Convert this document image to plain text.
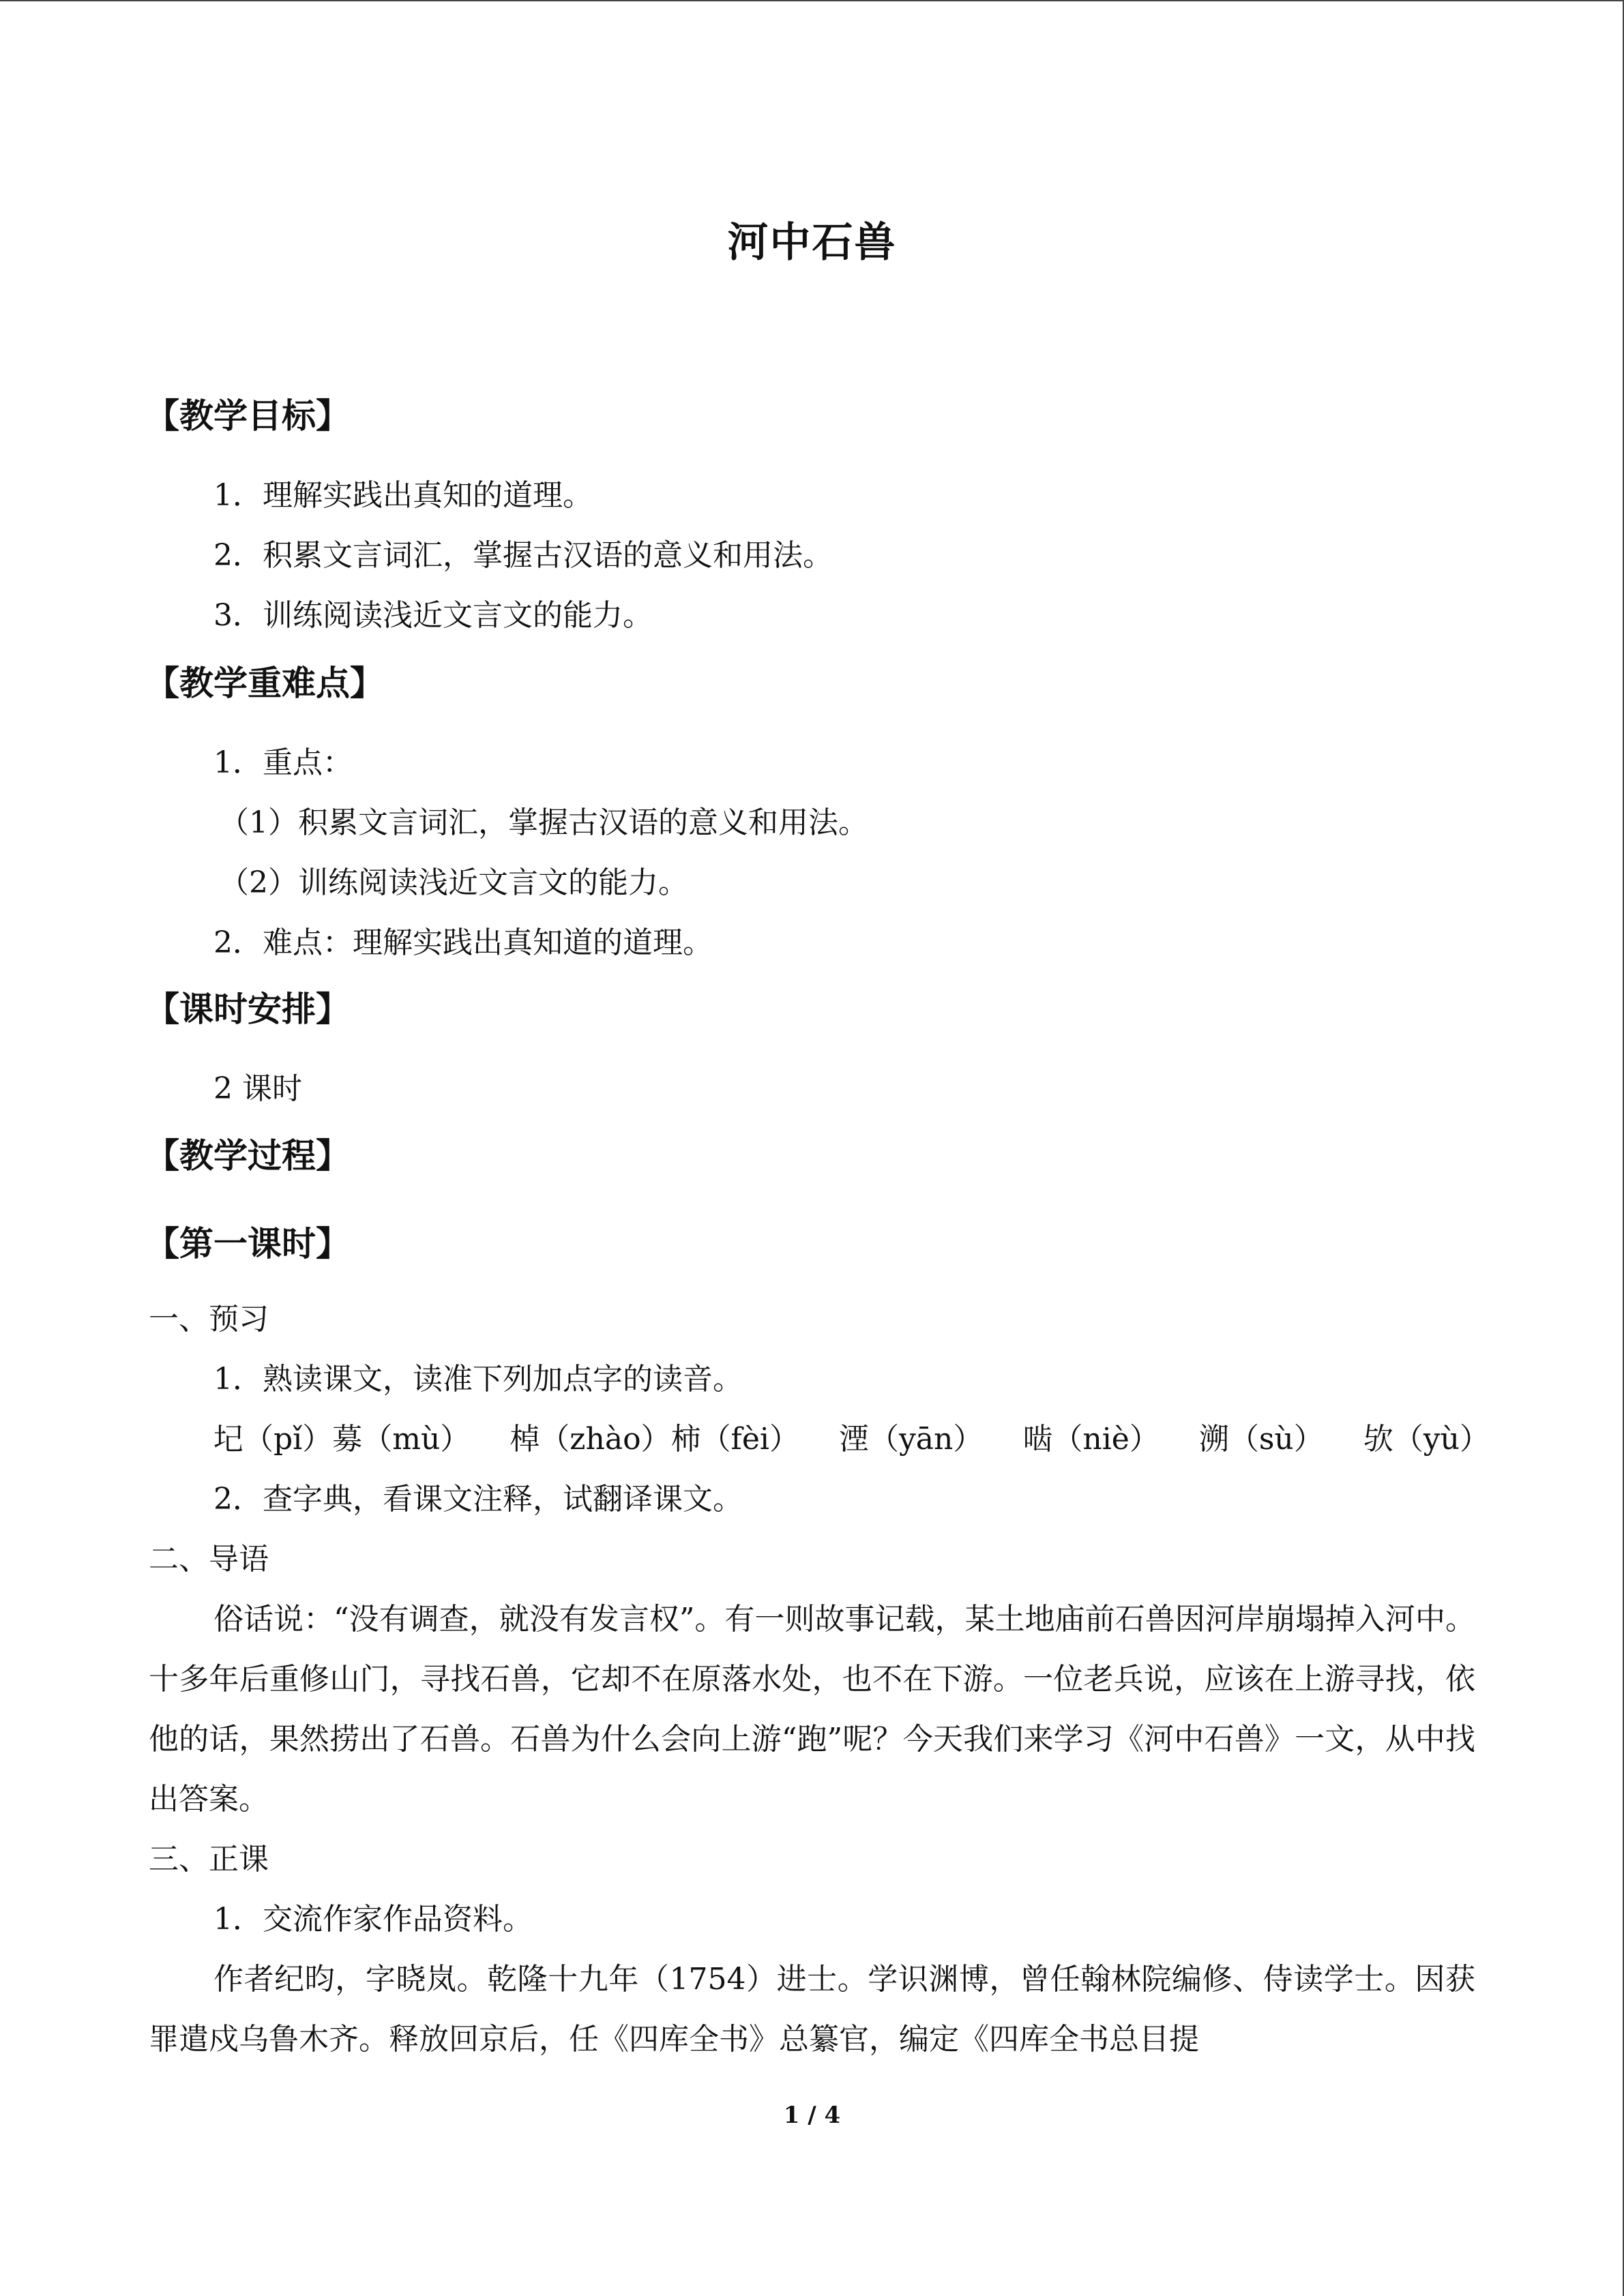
河中石兽
【教学目标】
1．理解实践出真知的道理。
2．积累文言词汇，掌握古汉语的意义和用法。
3．训练阅读浅近文言文的能力。
【教学重难点】
1．重点：
（1）积累文言词汇，掌握古汉语的意义和用法。
（2）训练阅读浅近文言文的能力。
2．难点：理解实践出真知道的道理。
【课时安排】
2 课时
【教学过程】
【第一课时】
一、预习
1．熟读课文，读准下列加点字的读音。
圮（pǐ）募（mù） 棹（zhào）柿（fèi） 湮（yān） 啮（niè） 溯（sù） 欤（yù）
2．查字典，看课文注释，试翻译课文。
二、导语
俗话说：“没有调查，就没有发言权”。有一则故事记载，某土地庙前石兽因河岸崩塌掉入河中。十多年后重修山门，寻找石兽，它却不在原落水处，也不在下游。一位老兵说，应该在上游寻找，依他的话，果然捞出了石兽。石兽为什么会向上游“跑”呢？今天我们来学习《河中石兽》一文，从中找出答案。
三、正课
1．交流作家作品资料。
作者纪昀，字晓岚。乾隆十九年（1754）进士。学识渊博，曾任翰林院编修、侍读学士。因获罪遣戍乌鲁木齐。释放回京后，任《四库全书》总纂官，编定《四库全书总目提
1 / 4
